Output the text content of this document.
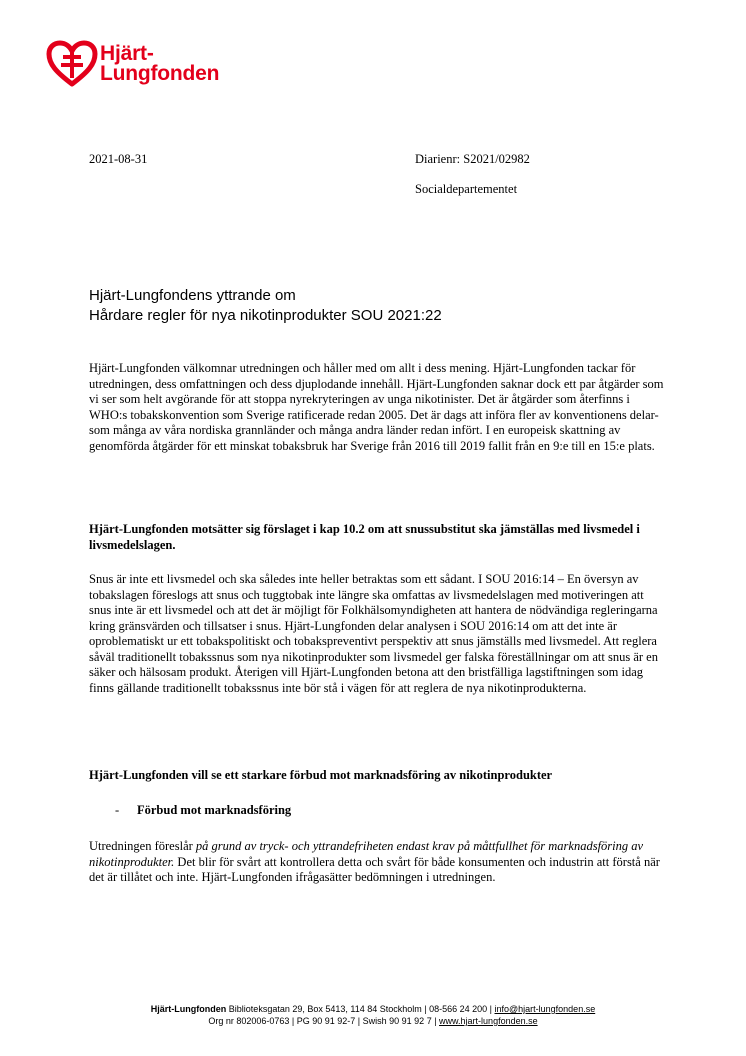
Hjärt-
Lungfonden
2021-08-31	Diarienr: S2021/02982
Socialdepartementet
Hjärt-Lungfondens yttrande om
Hårdare regler för nya nikotinprodukter SOU 2021:22

Hjärt-Lungfonden välkomnar utredningen och håller med om allt i dess mening. Hjärt-Lungfonden tackar för utredningen, dess omfattningen och dess djuplodande innehåll. Hjärt-Lungfonden saknar dock ett par åtgärder som vi ser som helt avgörande för att stoppa nyrekryteringen av unga nikotinister. Det är åtgärder som återfinns i WHO:s tobakskonvention som Sverige ratificerade redan 2005. Det är dags att införa fler av konventionens delar- som många av våra nordiska grannländer och många andra länder redan infört. I en europeisk skattning av genomförda åtgärder för ett minskat tobaksbruk har Sverige från 2016 till 2019 fallit från en 9:e till en 15:e plats.

Hjärt-Lungfonden motsätter sig förslaget i kap 10.2 om att snussubstitut ska jämställas med livsmedel i livsmedelslagen.

Snus är inte ett livsmedel och ska således inte heller betraktas som ett sådant. I SOU 2016:14 – En översyn av tobakslagen föreslogs att snus och tuggtobak inte längre ska omfattas av livsmedelslagen med motiveringen att snus inte är ett livsmedel och att det är möjligt för Folkhälsomyndigheten att hantera de nödvändiga regleringarna kring gränsvärden och tillsatser i snus. Hjärt-Lungfonden delar analysen i SOU 2016:14 om att det inte är oproblematiskt ur ett tobakspolitiskt och tobakspreventivt perspektiv att snus jämställs med livsmedel. Att reglera såväl traditionellt tobakssnus som nya nikotinprodukter som livsmedel ger falska föreställningar om att snus är en säker och hälsosam produkt. Återigen vill Hjärt-Lungfonden betona att den bristfälliga lagstiftningen som idag finns gällande traditionellt tobakssnus inte bör stå i vägen för att reglera de nya nikotinprodukterna.

Hjärt-Lungfonden vill se ett starkare förbud mot marknadsföring av nikotinprodukter

- Förbud mot marknadsföring

Utredningen föreslår på grund av tryck- och yttrandefriheten endast krav på måttfullhet för marknadsföring av nikotinprodukter. Det blir för svårt att kontrollera detta och svårt för både konsumenten och industrin att förstå när det är tillåtet och inte. Hjärt-Lungfonden ifrågasätter bedömningen i utredningen.

Hjärt-Lungfonden Biblioteksgatan 29, Box 5413, 114 84 Stockholm | 08-566 24 200 | info@hjart-lungfonden.se
Org nr 802006-0763 | PG 90 91 92-7 | Swish 90 91 92 7 | www.hjart-lungfonden.se
